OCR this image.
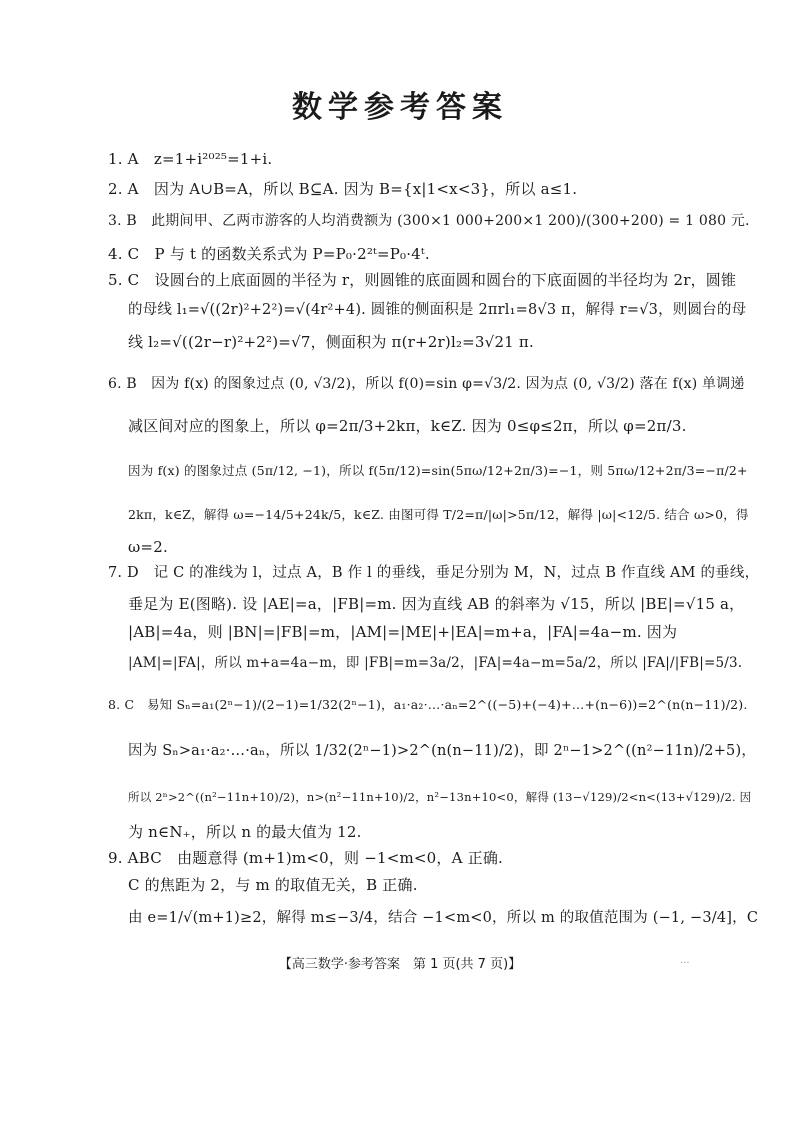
数学参考答案
1. A　z=1+i²⁰²⁵=1+i.
2. A　因为 A∪B=A，所以 B⊆A. 因为 B={x|1<x<3}，所以 a≤1.
3. B　此期间甲、乙两市游客的人均消费额为 (300×1 000+200×1 200)/(300+200) = 1 080 元.
4. C　P 与 t 的函数关系式为 P=P₀·2²ᵗ=P₀·4ᵗ.
5. C　设圆台的上底面圆的半径为 r，则圆锥的底面圆和圆台的下底面圆的半径均为 2r，圆锥
的母线 l₁=√((2r)²+2²)=√(4r²+4). 圆锥的侧面积是 2πrl₁=8√3 π，解得 r=√3，则圆台的母
线 l₂=√((2r−r)²+2²)=√7，侧面积为 π(r+2r)l₂=3√21 π.
6. B　因为 f(x) 的图象过点 (0, √3/2)，所以 f(0)=sin φ=√3/2. 因为点 (0, √3/2) 落在 f(x) 单调递
减区间对应的图象上，所以 φ=2π/3+2kπ，k∈Z. 因为 0≤φ≤2π，所以 φ=2π/3.
因为 f(x) 的图象过点 (5π/12, −1)，所以 f(5π/12)=sin(5πω/12+2π/3)=−1，则 5πω/12+2π/3=−π/2+
2kπ，k∈Z，解得 ω=−14/5+24k/5，k∈Z. 由图可得 T/2=π/|ω|>5π/12，解得 |ω|<12/5. 结合 ω>0，得
ω=2.
7. D　记 C 的准线为 l，过点 A，B 作 l 的垂线，垂足分别为 M，N，过点 B 作直线 AM 的垂线，
垂足为 E(图略). 设 |AE|=a，|FB|=m. 因为直线 AB 的斜率为 √15，所以 |BE|=√15 a，
|AB|=4a，则 |BN|=|FB|=m，|AM|=|ME|+|EA|=m+a，|FA|=4a−m. 因为
|AM|=|FA|，所以 m+a=4a−m，即 |FB|=m=3a/2，|FA|=4a−m=5a/2，所以 |FA|/|FB|=5/3.
8. C　易知 Sₙ=a₁(2ⁿ−1)/(2−1)=1/32(2ⁿ−1)，a₁·a₂·…·aₙ=2^((−5)+(−4)+…+(n−6))=2^(n(n−11)/2).
因为 Sₙ>a₁·a₂·…·aₙ，所以 1/32(2ⁿ−1)>2^(n(n−11)/2)，即 2ⁿ−1>2^((n²−11n)/2+5)，
所以 2ⁿ>2^((n²−11n+10)/2)，n>(n²−11n+10)/2，n²−13n+10<0，解得 (13−√129)/2<n<(13+√129)/2. 因
为 n∈N₊，所以 n 的最大值为 12.
9. ABC　由题意得 (m+1)m<0，则 −1<m<0，A 正确.
C 的焦距为 2，与 m 的取值无关，B 正确.
由 e=1/√(m+1)≥2，解得 m≤−3/4，结合 −1<m<0，所以 m 的取值范围为 (−1, −3/4]，C
【高三数学·参考答案　第 1 页(共 7 页)】	...
